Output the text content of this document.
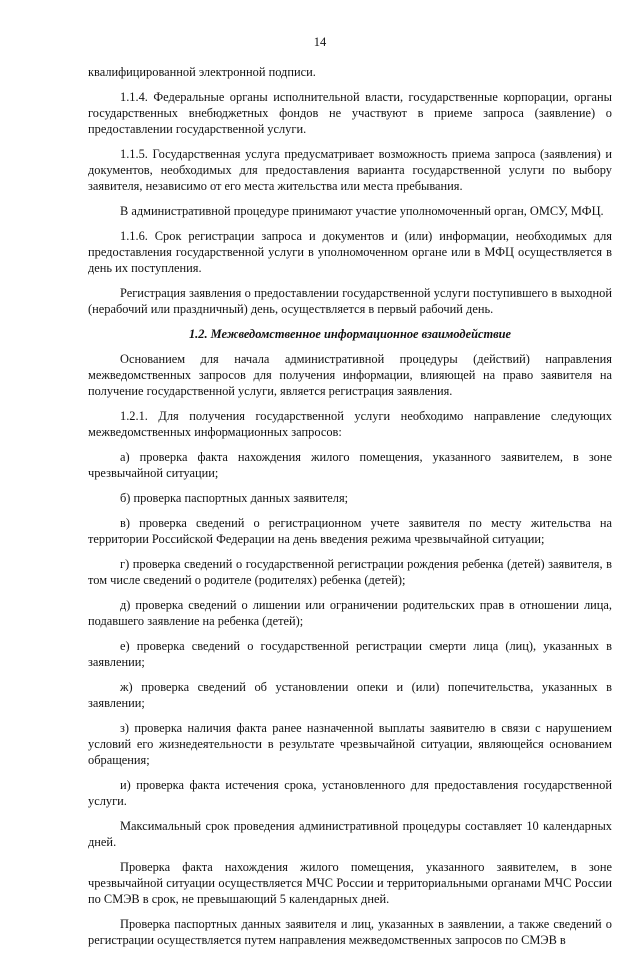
14

квалифицированной электронной подписи.

1.1.4. Федеральные органы исполнительной власти, государственные корпорации, органы государственных внебюджетных фондов не участвуют в приеме запроса (заявление) о предоставлении государственной услуги.

1.1.5. Государственная услуга предусматривает возможность приема запроса (заявления) и документов, необходимых для предоставления варианта государственной услуги по выбору заявителя, независимо от его места жительства или места пребывания.

В административной процедуре принимают участие уполномоченный орган, ОМСУ, МФЦ.

1.1.6. Срок регистрации запроса и документов и (или) информации, необходимых для предоставления государственной услуги в уполномоченном органе или в МФЦ осуществляется в день их поступления.

Регистрация заявления о предоставлении государственной услуги поступившего в выходной (нерабочий или праздничный) день, осуществляется в первый рабочий день.

1.2. Межведомственное информационное взаимодействие

Основанием для начала административной процедуры (действий) направления межведомственных запросов для получения информации, влияющей на право заявителя на получение государственной услуги, является регистрация заявления.

1.2.1. Для получения государственной услуги необходимо направление следующих межведомственных информационных запросов:

а) проверка факта нахождения жилого помещения, указанного заявителем, в зоне чрезвычайной ситуации;

б) проверка паспортных данных заявителя;

в) проверка сведений о регистрационном учете заявителя по месту жительства на территории Российской Федерации на день введения режима чрезвычайной ситуации;

г) проверка сведений о государственной регистрации рождения ребенка (детей) заявителя, в том числе сведений о родителе (родителях) ребенка (детей);

д) проверка сведений о лишении или ограничении родительских прав в отношении лица, подавшего заявление на ребенка (детей);

е) проверка сведений о государственной регистрации смерти лица (лиц), указанных в заявлении;

ж) проверка сведений об установлении опеки и (или) попечительства, указанных в заявлении;

з) проверка наличия факта ранее назначенной выплаты заявителю в связи с нарушением условий его жизнедеятельности в результате чрезвычайной ситуации, являющейся основанием обращения;

и) проверка факта истечения срока, установленного для предоставления государственной услуги.

Максимальный срок проведения административной процедуры составляет 10 календарных дней.

Проверка факта нахождения жилого помещения, указанного заявителем, в зоне чрезвычайной ситуации осуществляется МЧС России и территориальными органами МЧС России по СМЭВ в срок, не превышающий 5 календарных дней.

Проверка паспортных данных заявителя и лиц, указанных в заявлении, а также сведений о регистрации осуществляется путем направления межведомственных запросов по СМЭВ в
